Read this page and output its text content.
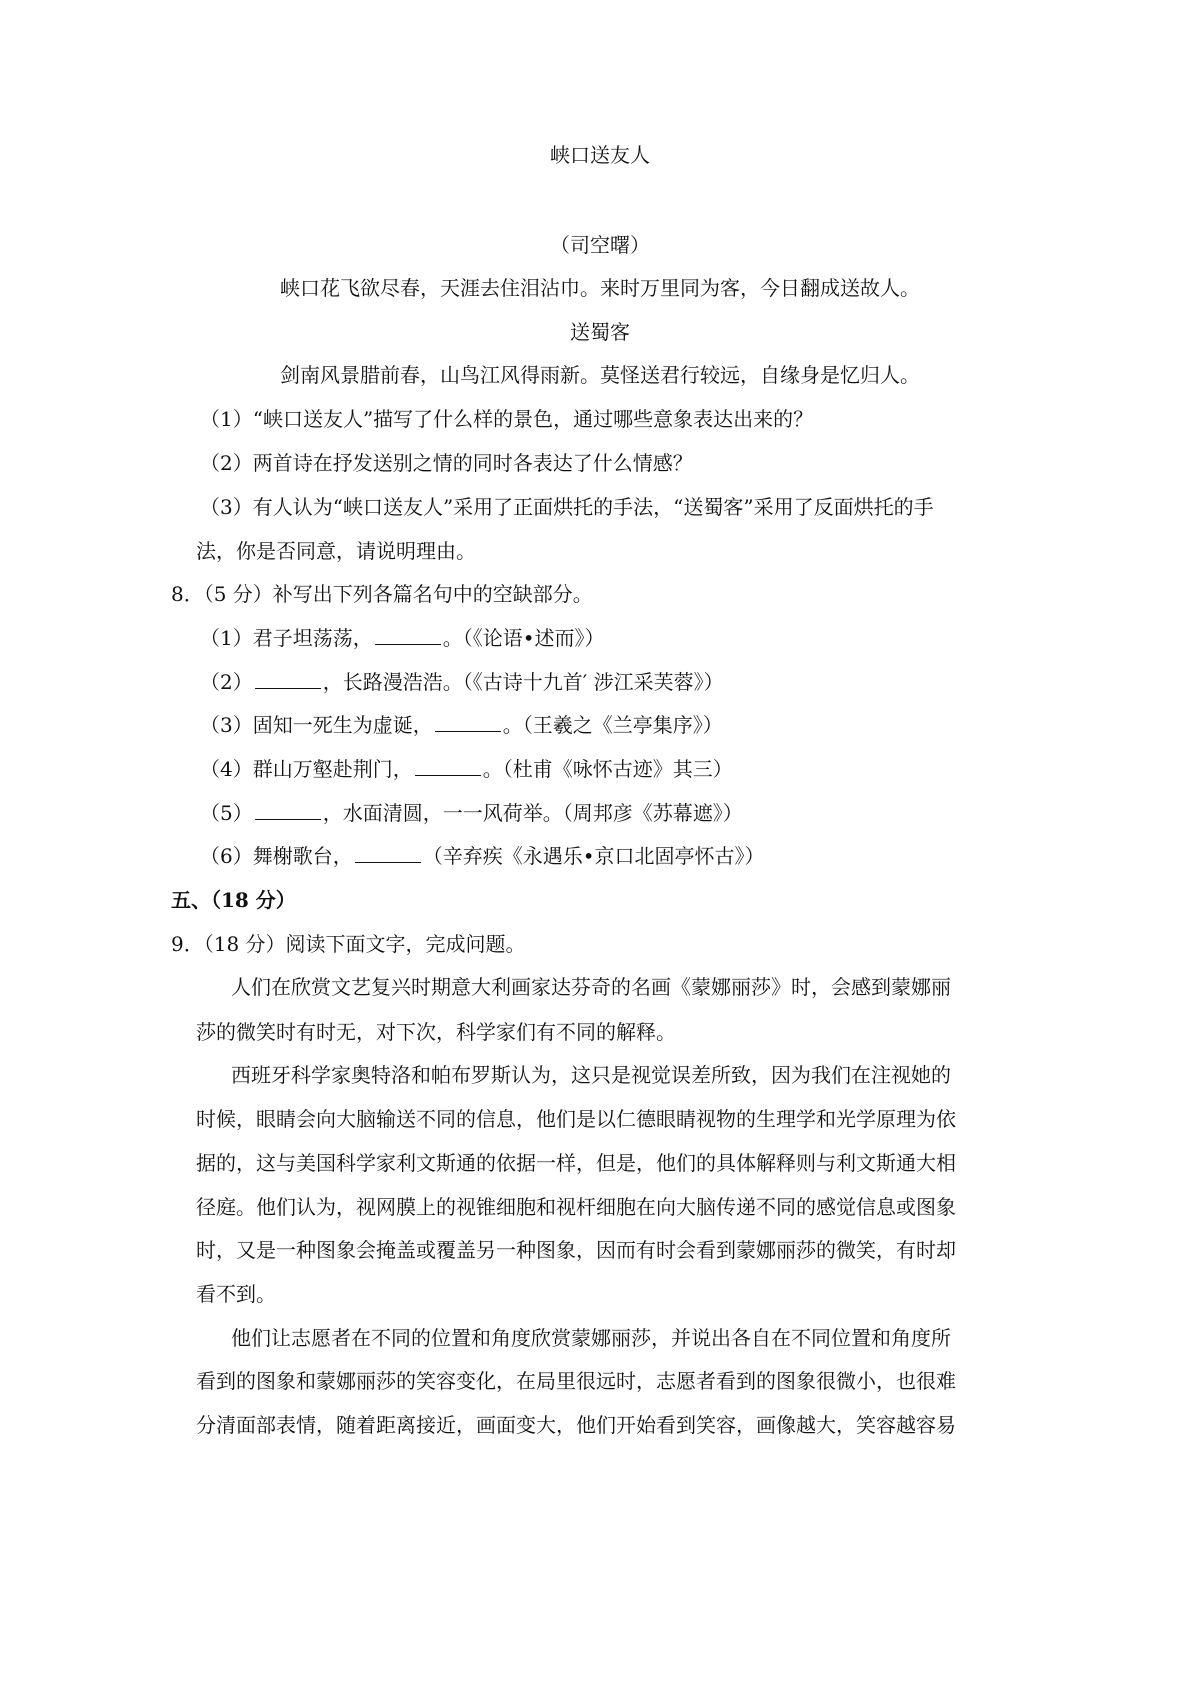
峡口送友人
（司空曙）
峡口花飞欲尽春，天涯去住泪沾巾。来时万里同为客，今日翻成送故人。
送蜀客
剑南风景腊前春，山鸟江风得雨新。莫怪送君行较远，自缘身是忆归人。
（1）“峡口送友人”描写了什么样的景色，通过哪些意象表达出来的？
（2）两首诗在抒发送别之情的同时各表达了什么情感？
（3）有人认为“峡口送友人”采用了正面烘托的手法，“送蜀客”采用了反面烘托的手
法，你是否同意，请说明理由。
8．（5 分）补写出下列各篇名句中的空缺部分。
（1）君子坦荡荡，	。（《论语•述而》）
（2）	，长路漫浩浩。（《古诗十九首′ 涉江采芙蓉》）
（3）固知一死生为虚诞，	。（王羲之《兰亭集序》）
（4）群山万壑赴荆门，	。（杜甫《咏怀古迹》其三）
（5）	，水面清圆，一一风荷举。（周邦彦《苏幕遮》）
（6）舞榭歌台，	（辛弃疾《永遇乐•京口北固亭怀古》）
五、（18 分）
9．（18 分）阅读下面文字，完成问题。
人们在欣赏文艺复兴时期意大利画家达芬奇的名画《蒙娜丽莎》时，会感到蒙娜丽
莎的微笑时有时无，对下次，科学家们有不同的解释。
西班牙科学家奥特洛和帕布罗斯认为，这只是视觉误差所致，因为我们在注视她的
时候，眼睛会向大脑输送不同的信息，他们是以仁德眼睛视物的生理学和光学原理为依
据的，这与美国科学家利文斯通的依据一样，但是，他们的具体解释则与利文斯通大相
径庭。他们认为，视网膜上的视锥细胞和视杆细胞在向大脑传递不同的感觉信息或图象
时，又是一种图象会掩盖或覆盖另一种图象，因而有时会看到蒙娜丽莎的微笑，有时却
看不到。
他们让志愿者在不同的位置和角度欣赏蒙娜丽莎，并说出各自在不同位置和角度所
看到的图象和蒙娜丽莎的笑容变化，在局里很远时，志愿者看到的图象很微小，也很难
分清面部表情，随着距离接近，画面变大，他们开始看到笑容，画像越大，笑容越容易
